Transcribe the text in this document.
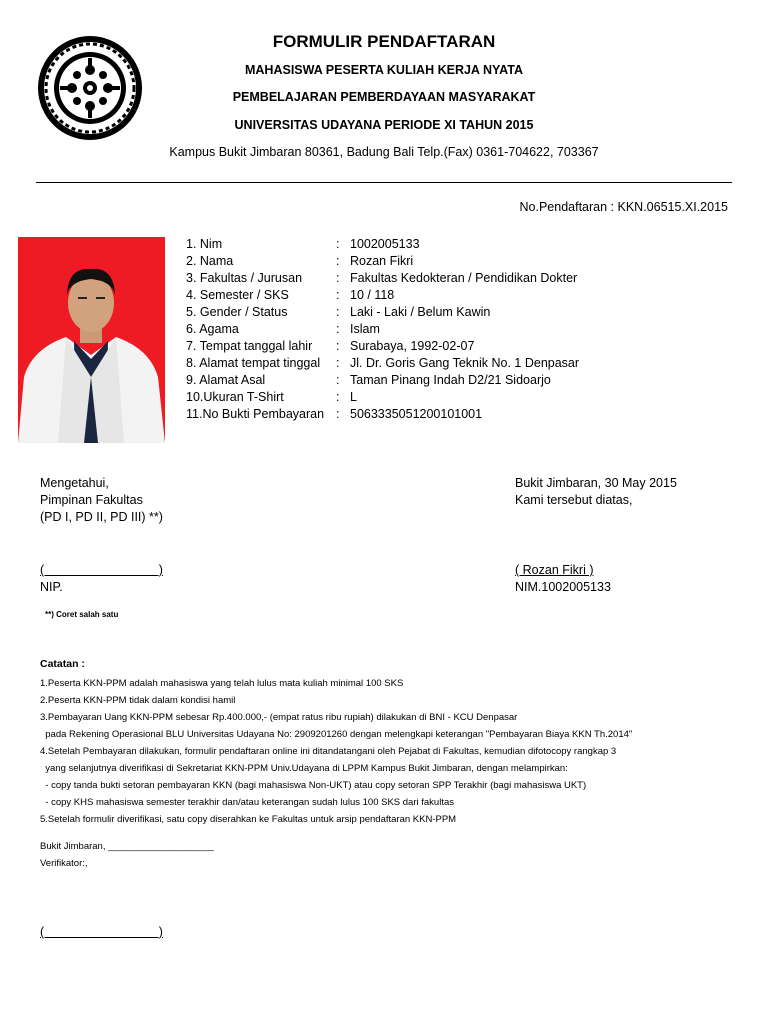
FORMULIR PENDAFTARAN
MAHASISWA PESERTA KULIAH KERJA NYATA
PEMBELAJARAN PEMBERDAYAAN MASYARAKAT
UNIVERSITAS UDAYANA PERIODE XI TAHUN 2015
Kampus Bukit Jimbaran 80361, Badung Bali Telp.(Fax) 0361-704622, 703367
No.Pendaftaran : KKN.06515.XI.2015
1. Nim	: 1002005133
2. Nama	: Rozan Fikri
3. Fakultas / Jurusan	: Fakultas Kedokteran / Pendidikan Dokter
4. Semester / SKS	: 10 / 118
5. Gender / Status	: Laki - Laki / Belum Kawin
6. Agama	: Islam
7. Tempat tanggal lahir : Surabaya, 1992-02-07
8. Alamat tempat tinggal : Jl. Dr. Goris Gang Teknik No. 1 Denpasar
9. Alamat Asal	: Taman Pinang Indah D2/21 Sidoarjo
10.Ukuran T-Shirt	: L
11.No Bukti Pembayaran : 5063335051200101001
Mengetahui,
Pimpinan Fakultas
(PD I, PD II, PD III) **)
(                                 )
NIP.
**) Coret salah satu
Bukit Jimbaran, 30 May 2015
Kami tersebut diatas,
( Rozan Fikri )
NIM.1002005133
Catatan :
1.Peserta KKN-PPM adalah mahasiswa yang telah lulus mata kuliah minimal 100 SKS
2.Peserta KKN-PPM tidak dalam kondisi hamil
3.Pembayaran Uang KKN-PPM sebesar Rp.400.000,- (empat ratus ribu rupiah) dilakukan di BNI - KCU Denpasar
pada Rekening Operasional BLU Universitas Udayana No: 2909201260 dengan melengkapi keterangan "Pembayaran Biaya KKN Th.2014"
4.Setelah Pembayaran dilakukan, formulir pendaftaran online ini ditandatangani oleh Pejabat di Fakultas, kemudian difotocopy rangkap 3
yang selanjutnya diverifikasi di Sekretariat KKN-PPM Univ.Udayana di LPPM Kampus Bukit Jimbaran, dengan melampirkan:
- copy tanda bukti setoran pembayaran KKN (bagi mahasiswa Non-UKT) atau copy setoran SPP Terakhir (bagi mahasiswa UKT)
- copy KHS mahasiswa semester terakhir dan/atau keterangan sudah lulus 100 SKS dari fakultas
5.Setelah formulir diverifikasi, satu copy diserahkan ke Fakultas untuk arsip pendaftaran KKN-PPM
Bukit Jimbaran, ____________________
Verifikator:,
(                                 )
